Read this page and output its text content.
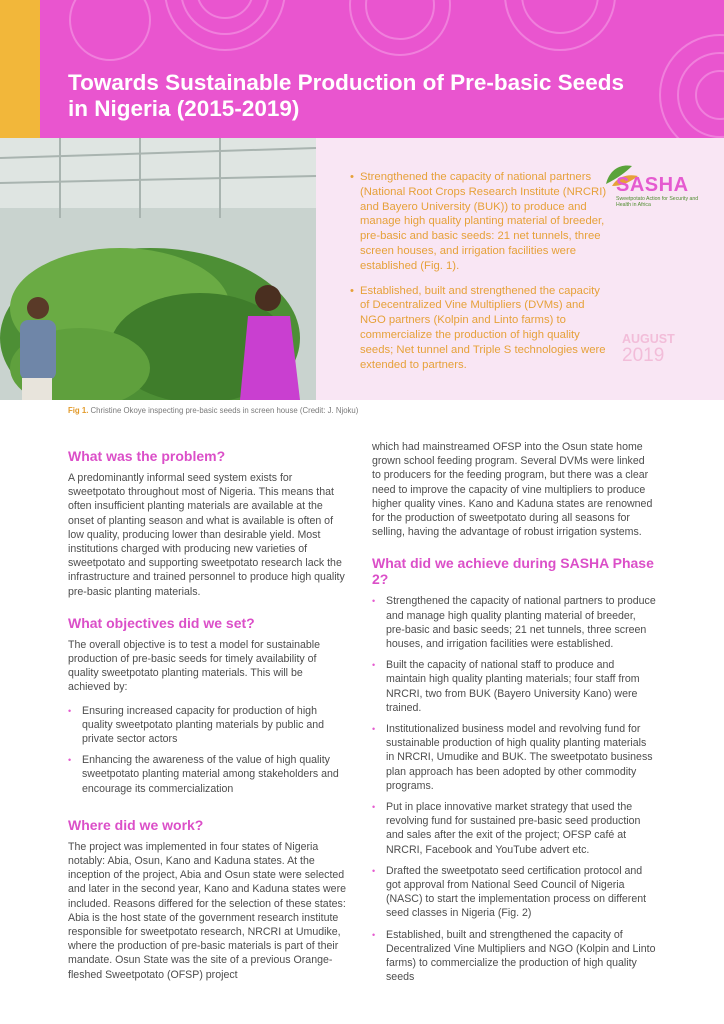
Towards Sustainable Production of Pre-basic Seeds in Nigeria (2015-2019)
• Strengthened the capacity of national partners (National Root Crops Research Institute (NRCRI) and Bayero University (BUK)) to produce and manage high quality planting material of breeder, pre-basic and basic seeds: 21 net tunnels, three screen houses, and irrigation facilities were established (Fig. 1).
• Established, built and strengthened the capacity of Decentralized Vine Multipliers (DVMs) and NGO partners (Kolpin and Linto farms) to commercialize the production of high quality seeds; Net tunnel and Triple S technologies were extended to partners.
SASHA
Sweetpotato Action for Security and Health in Africa
AUGUST
2019
Fig 1. Christine Okoye inspecting pre-basic seeds in screen house (Credit: J. Njoku)
What was the problem?

A predominantly informal seed system exists for sweetpotato throughout most of Nigeria. This means that often insufficient planting materials are available at the onset of planting season and what is available is often of low quality, producing lower than desirable yield. Most institutions charged with producing new varieties of sweetpotato and supporting sweetpotato research lack the infrastructure and trained personnel to produce high quality pre-basic planting materials.

What objectives did we set?

The overall objective is to test a model for sustainable production of pre-basic seeds for timely availability of quality sweetpotato planting materials. This will be achieved by:

• Ensuring increased capacity for production of high quality sweetpotato planting materials by public and private sector actors
• Enhancing the awareness of the value of high quality sweetpotato planting material among stakeholders and encourage its commercialization
Where did we work?

The project was implemented in four states of Nigeria notably: Abia, Osun, Kano and Kaduna states. At the inception of the project, Abia and Osun state were selected and later in the second year, Kano and Kaduna states were included. Reasons differed for the selection of these states: Abia is the host state of the government research institute responsible for sweetpotato research, NRCRI at Umudike, where the production of pre-basic materials is part of their mandate. Osun State was the site of a previous Orange-fleshed Sweetpotato (OFSP) project

which had mainstreamed OFSP into the Osun state home grown school feeding program. Several DVMs were linked to producers for the feeding program, but there was a clear need to improve the capacity of vine multipliers to produce higher quality vines. Kano and Kaduna states are renowned for the production of sweetpotato during all seasons for selling, having the advantage of robust irrigation systems.

What did we achieve during SASHA Phase 2?
• Strengthened the capacity of national partners to produce and manage high quality planting material of breeder, pre-basic and basic seeds; 21 net tunnels, three screen houses, and irrigation facilities were established.
• Built the capacity of national staff to produce and maintain high quality planting materials; four staff from NRCRI, two from BUK (Bayero University Kano) were trained.
• Institutionalized business model and revolving fund for sustainable production of high quality planting materials in NRCRI, Umudike and BUK. The sweetpotato business plan approach has been adopted by other commodity programs.
• Put in place innovative market strategy that used the revolving fund for sustained pre-basic seed production and sales after the exit of the project; OFSP café at NRCRI, Facebook and YouTube advert etc.
• Drafted the sweetpotato seed certification protocol and got approval from National Seed Council of Nigeria (NASC) to start the implementation process on different seed classes in Nigeria (Fig. 2)
• Established, built and strengthened the capacity of Decentralized Vine Multipliers and NGO (Kolpin and Linto farms) to commercialize the production of high quality seeds
